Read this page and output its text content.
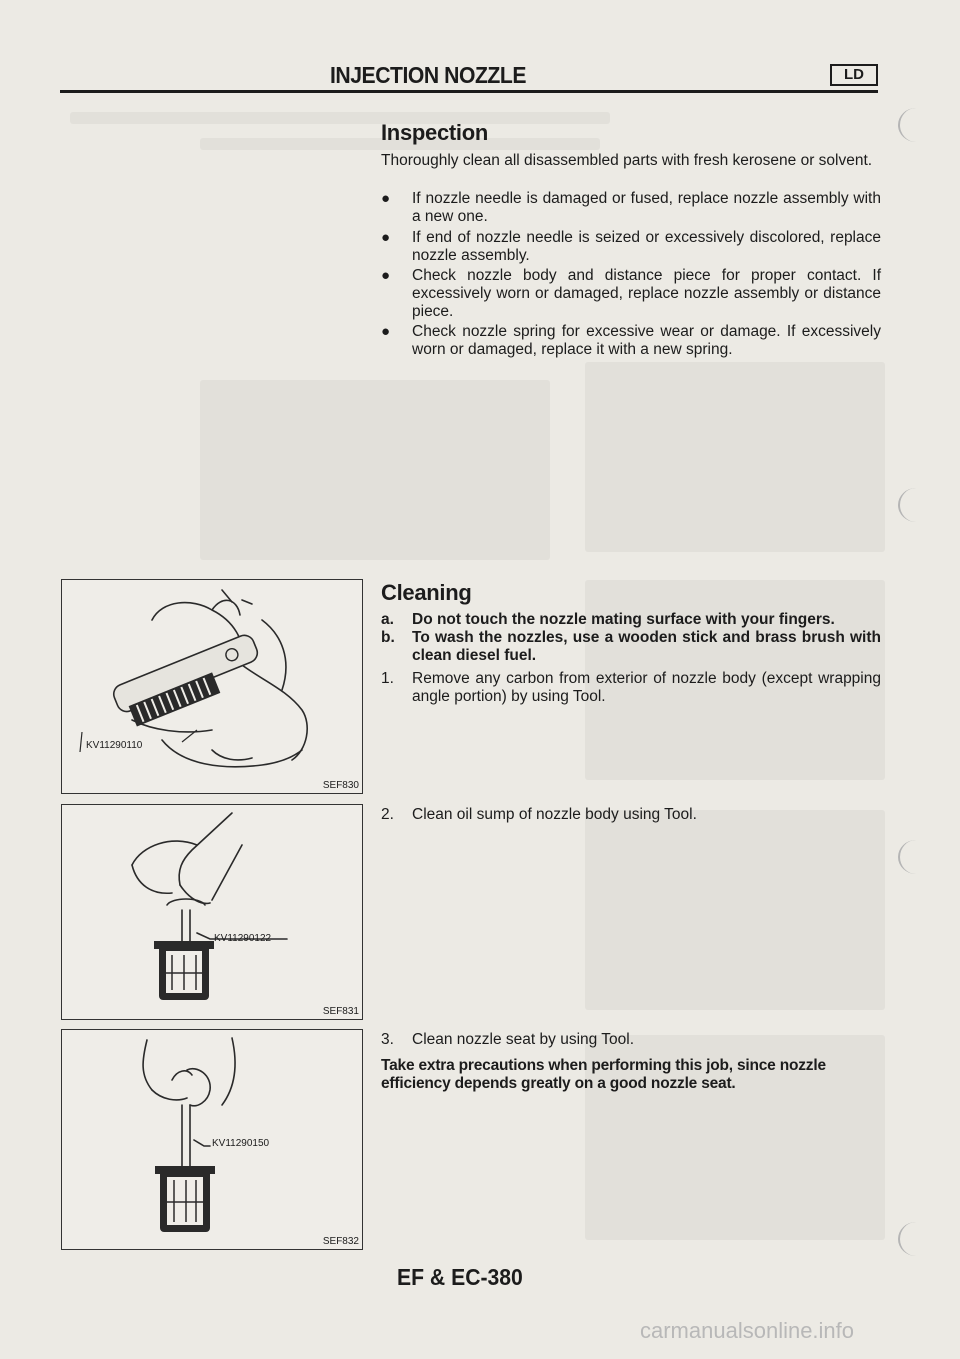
INJECTION NOZZLE	LD
Inspection
Thoroughly clean all disassembled parts with fresh kerosene or solvent.
● If nozzle needle is damaged or fused, replace nozzle assembly with a new one.
● If end of nozzle needle is seized or excessively discolored, replace nozzle assembly.
● Check nozzle body and distance piece for proper contact. If excessively worn or damaged, replace nozzle assembly or distance piece.
● Check nozzle spring for excessive wear or damage. If excessively worn or damaged, replace it with a new spring.
Cleaning
a. Do not touch the nozzle mating surface with your fingers.
b. To wash the nozzles, use a wooden stick and brass brush with clean diesel fuel.
1. Remove any carbon from exterior of nozzle body (except wrapping angle portion) by using Tool.
2. Clean oil sump of nozzle body using Tool.
3. Clean nozzle seat by using Tool.
Take extra precautions when performing this job, since nozzle efficiency depends greatly on a good nozzle seat.
KV11290110
SEF830
KV11290122
SEF831
KV11290150
SEF832
EF & EC-380
carmanualsonline.info
